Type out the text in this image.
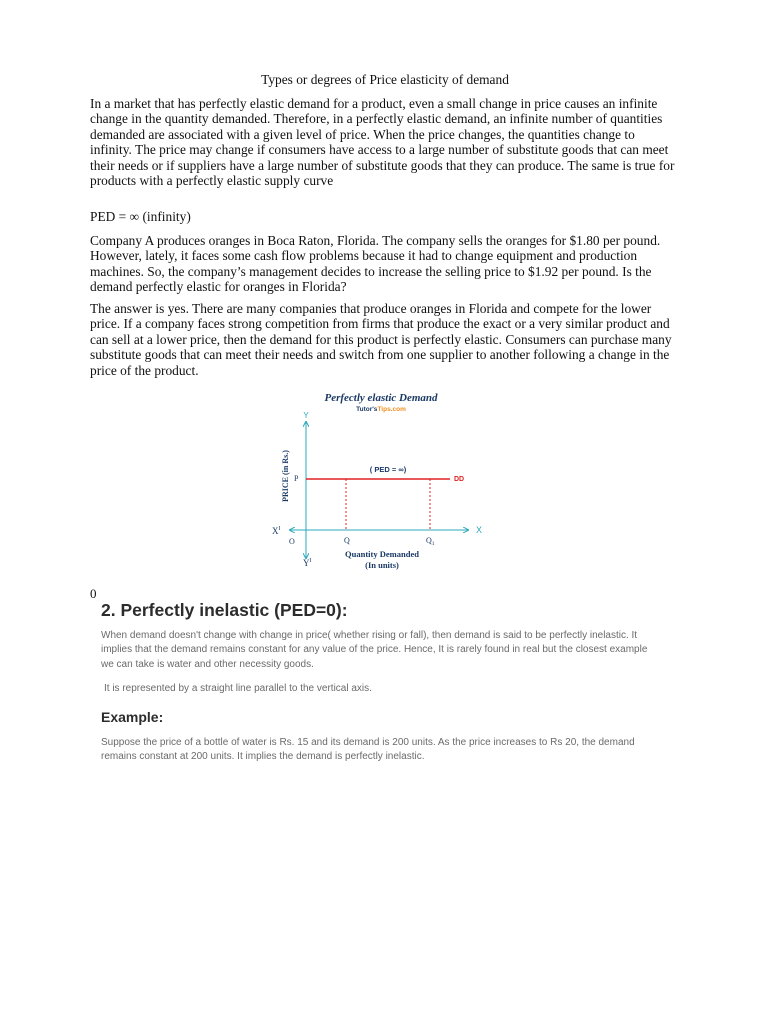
Types or degrees of Price elasticity of demand

In a market that has perfectly elastic demand for a product, even a small change in price causes an infinite change in the quantity demanded. Therefore, in a perfectly elastic demand, an infinite number of quantities demanded are associated with a given level of price. When the price changes, the quantities change to infinity. The price may change if consumers have access to a large number of substitute goods that can meet their needs or if suppliers have a large number of substitute goods that they can produce. The same is true for products with a perfectly elastic supply curve

PED = ∞ (infinity)

Company A produces oranges in Boca Raton, Florida. The company sells the oranges for $1.80 per pound. However, lately, it faces some cash flow problems because it had to change equipment and production machines. So, the company’s management decides to increase the selling price to $1.92 per pound. Is the demand perfectly elastic for oranges in Florida?

The answer is yes. There are many companies that produce oranges in Florida and compete for the lower price. If a company faces strong competition from firms that produce the exact or a very similar product and can sell at a lower price, then the demand for this product is perfectly elastic. Consumers can purchase many substitute goods that can meet their needs and switch from one supplier to another following a change in the price of the product.

Perfectly elastic Demand
Tutor'sTips.com
Y
X
$X^I$
$Y^I$
O
P
Q	$Q_1$
DD
( PED = ∞)
PRICE (in Rs.)
Quantity Demanded
(In units)
0
2. Perfectly inelastic (PED=0):

When demand doesn't change with change in price( whether rising or fall), then demand is said to be perfectly inelastic. It implies that the demand remains constant for any value of the price. Hence, It is rarely found in real but the closest example we can take is water and other necessity goods.

It is represented by a straight line parallel to the vertical axis.

Example:

Suppose the price of a bottle of water is Rs. 15 and its demand is 200 units. As the price increases to Rs 20, the demand remains constant at 200 units. It implies the demand is perfectly inelastic.
